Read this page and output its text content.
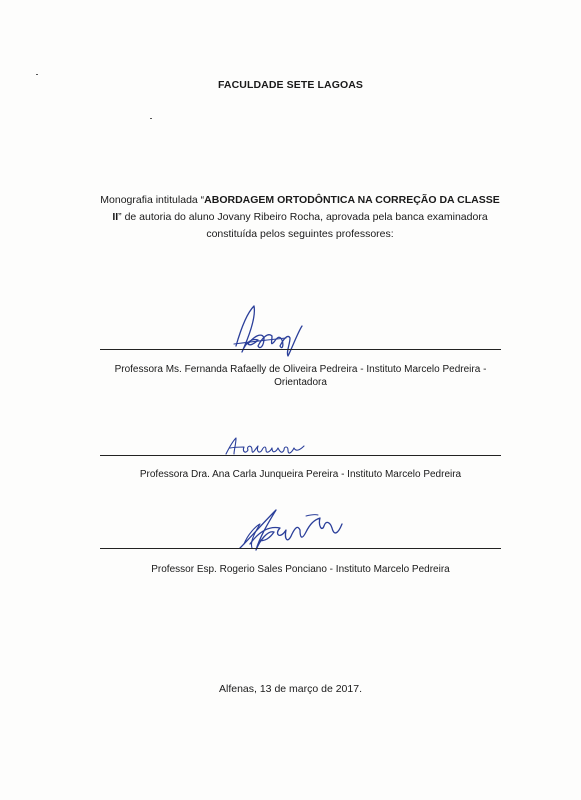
FACULDADE SETE LAGOAS
Monografia intitulada “ABORDAGEM ORTODÔNTICA NA CORREÇÃO DA CLASSE II” de autoria do aluno Jovany Ribeiro Rocha, aprovada pela banca examinadora constituída pelos seguintes professores:
Professora Ms. Fernanda Rafaelly de Oliveira Pedreira - Instituto Marcelo Pedreira -
Orientadora
Professora Dra. Ana Carla Junqueira Pereira - Instituto Marcelo Pedreira
Professor Esp. Rogerio Sales Ponciano - Instituto Marcelo Pedreira
Alfenas, 13 de março de 2017.
